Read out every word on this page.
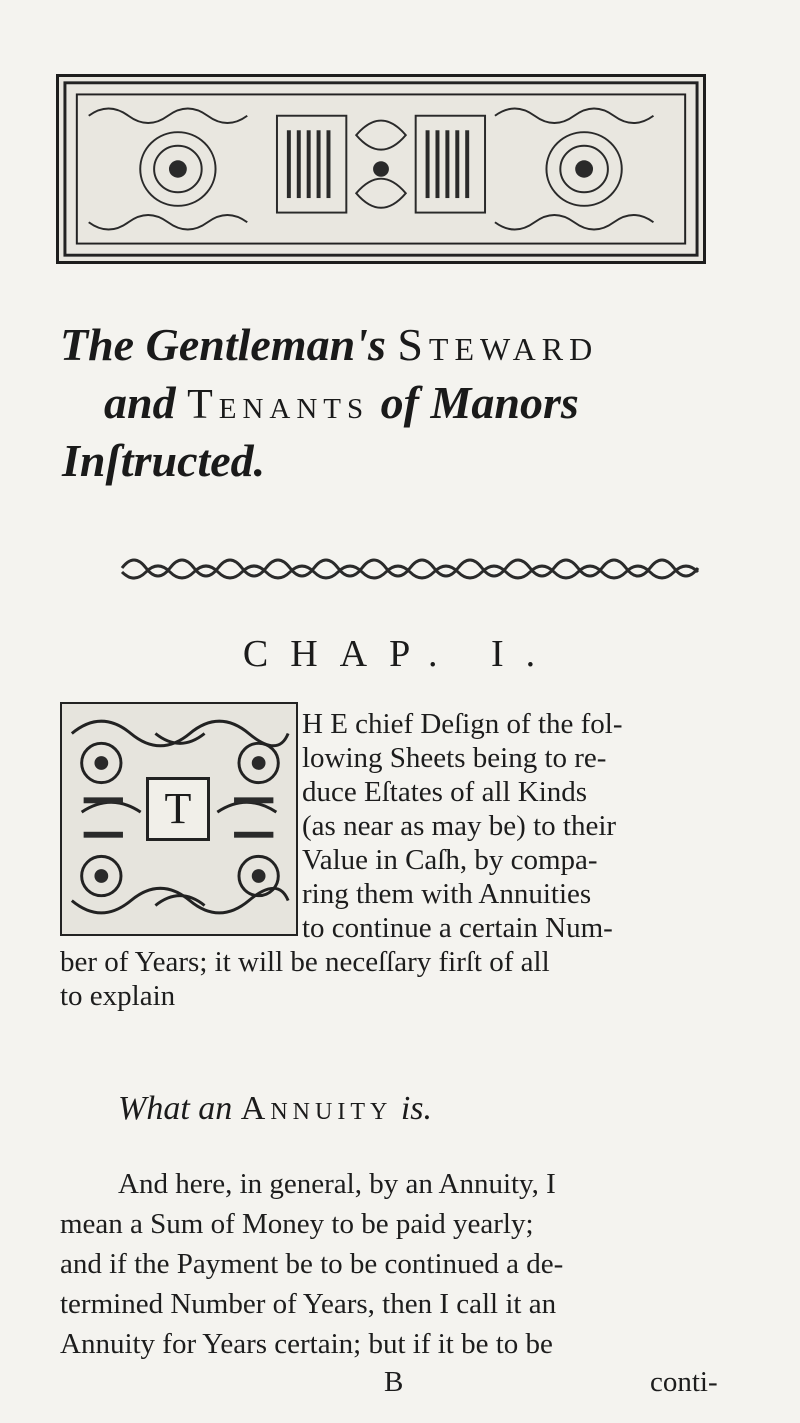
The Gentleman's Steward
and Tenants of Manors
Inſtructed.
CHAP. I.
T
H E chief Deſign of the fol-
lowing Sheets being to re-
duce Eſtates of all Kinds
(as near as may be) to their
Value in Caſh, by compa-
ring them with Annuities
to continue a certain Num-
ber of Years; it will be neceſſary firſt of all
to explain
What an Annuity is.
And here, in general, by an Annuity, I
mean a Sum of Money to be paid yearly;
and if the Payment be to be continued a de-
termined Number of Years, then I call it an
Annuity for Years certain; but if it be to be
B	conti-
